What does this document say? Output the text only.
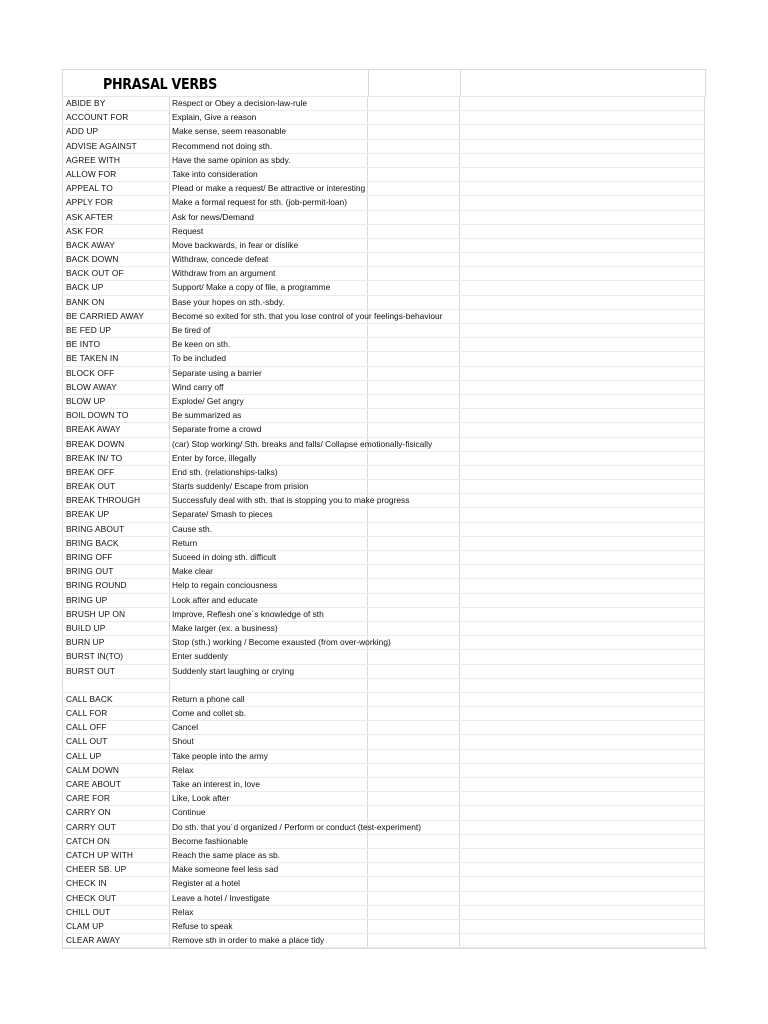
PHRASAL VERBS
ABIDE BY	Respect or Obey a decision-law-rule
ACCOUNT FOR	Explain, Give a reason
ADD UP	Make sense, seem reasonable
ADVISE AGAINST	Recommend not doing sth.
AGREE WITH	Have the same opinion as sbdy.
ALLOW FOR	Take into consideration
APPEAL TO	Plead or make a request/ Be attractive or interesting
APPLY FOR	Make a formal request for sth. (job-permit-loan)
ASK AFTER	Ask for news/Demand
ASK FOR	Request
BACK AWAY	Move backwards, in fear or dislike
BACK DOWN	Withdraw, concede defeat
BACK OUT OF	Withdraw from an argument
BACK UP	Support/ Make a copy of file, a programme
BANK ON	Base your hopes on sth.-sbdy.
BE CARRIED AWAY	Become so exited for sth. that you lose control of your feelings-behaviour
BE FED UP	Be tired of
BE INTO	Be keen on sth.
BE TAKEN IN	To be included
BLOCK OFF	Separate using a barrier
BLOW AWAY	Wind carry off
BLOW UP	Explode/ Get angry
BOIL DOWN TO	Be summarized as
BREAK AWAY	Separate frome a crowd
BREAK DOWN	(car) Stop working/ Sth. breaks and falls/ Collapse emotionally-fisically
BREAK IN/ TO	Enter by force, illegally
BREAK OFF	End sth. (relationships-talks)
BREAK OUT	Starts suddenly/ Escape from prision
BREAK THROUGH	Successfuly deal with sth. that is stopping you to make progress
BREAK UP	Separate/ Smash to pieces
BRING ABOUT	Cause sth.
BRING BACK	Return
BRING OFF	Suceed in doing sth. difficult
BRING OUT	Make clear
BRING ROUND	Help to regain conciousness
BRING UP	Look after and educate
BRUSH UP ON	Improve, Reflesh one´s knowledge of sth
BUILD UP	Make larger (ex. a business)
BURN UP	Stop (sth.) working / Become exausted (from over-working)
BURST IN(TO)	Enter suddenly
BURST OUT	Suddenly start laughing or crying
CALL BACK	Return a phone call
CALL FOR	Come and collet sb.
CALL OFF	Cancel
CALL OUT	Shout
CALL UP	Take people into the army
CALM DOWN	Relax
CARE ABOUT	Take an interest in, love
CARE FOR	Like, Look after
CARRY ON	Continue
CARRY OUT	Do sth. that you´d organized / Perform or conduct (test-experiment)
CATCH ON	Become fashionable
CATCH UP WITH	Reach the same place as sb.
CHEER SB. UP	Make someone feel less sad
CHECK IN	Register at a hotel
CHECK OUT	Leave a hotel / Investigate
CHILL OUT	Relax
CLAM UP	Refuse to speak
CLEAR AWAY	Remove sth in order to make a place tidy
